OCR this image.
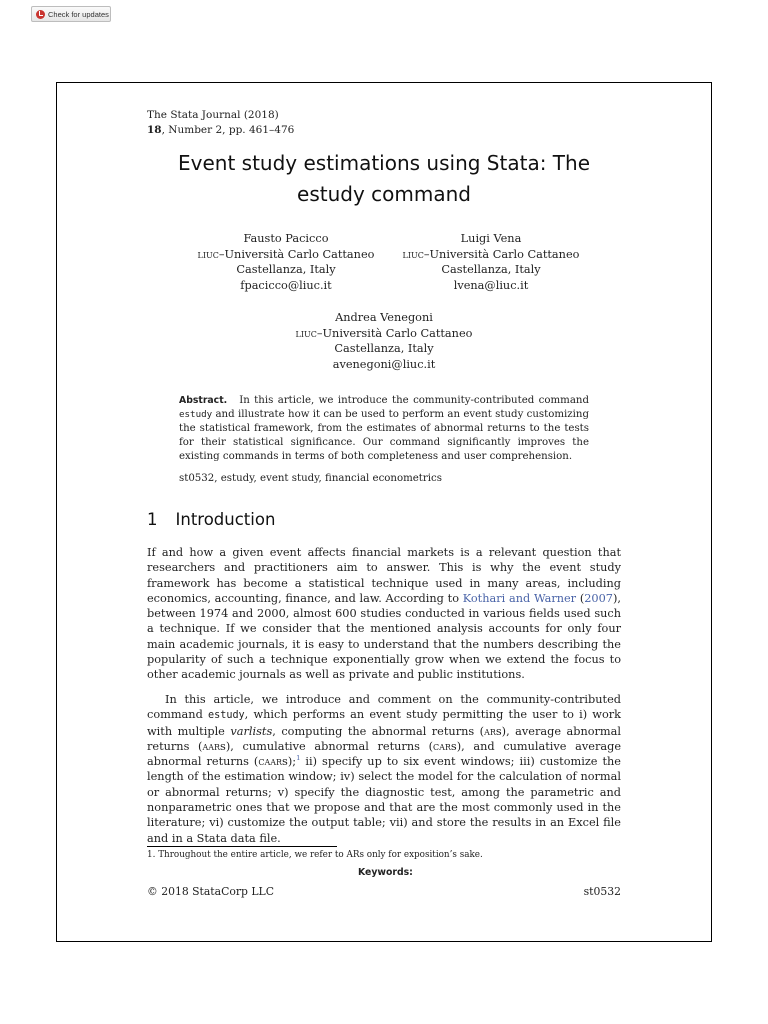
Check for updates
The Stata Journal (2018)
18, Number 2, pp. 461–476
Event study estimations using Stata: The
estudy command
Fausto Pacicco
liuc–Università Carlo Cattaneo
Castellanza, Italy
fpacicco@liuc.it
Luigi Vena
liuc–Università Carlo Cattaneo
Castellanza, Italy
lvena@liuc.it
Andrea Venegoni
liuc–Università Carlo Cattaneo
Castellanza, Italy
avenegoni@liuc.it
Abstract. In this article, we introduce the community-contributed command estudy and illustrate how it can be used to perform an event study customizing the statistical framework, from the estimates of abnormal returns to the tests for their statistical significance. Our command significantly improves the existing commands in terms of both completeness and user comprehension.
Keywords:
st0532, estudy, event study, financial econometrics
1 Introduction

If and how a given event affects financial markets is a relevant question that researchers and practitioners aim to answer. This is why the event study framework has become a statistical technique used in many areas, including economics, accounting, finance, and law. According to Kothari and Warner (2007), between 1974 and 2000, almost 600 studies conducted in various fields used such a technique. If we consider that the mentioned analysis accounts for only four main academic journals, it is easy to understand that the numbers describing the popularity of such a technique exponentially grow when we extend the focus to other academic journals as well as private and public institutions.

In this article, we introduce and comment on the community-contributed command estudy, which performs an event study permitting the user to i) work with multiple varlists, computing the abnormal returns (ars), average abnormal returns (aars), cumulative abnormal returns (cars), and cumulative average abnormal returns (caars);$^1$ ii) specify up to six event windows; iii) customize the length of the estimation window; iv) select the model for the calculation of normal or abnormal returns; v) specify the diagnostic test, among the parametric and nonparametric ones that we propose and that are the most commonly used in the literature; vi) customize the output table; vii) and store the results in an Excel file and in a Stata data file.

1. Throughout the entire article, we refer to ARs only for exposition’s sake.
© 2018 StataCorp LLC	st0532
